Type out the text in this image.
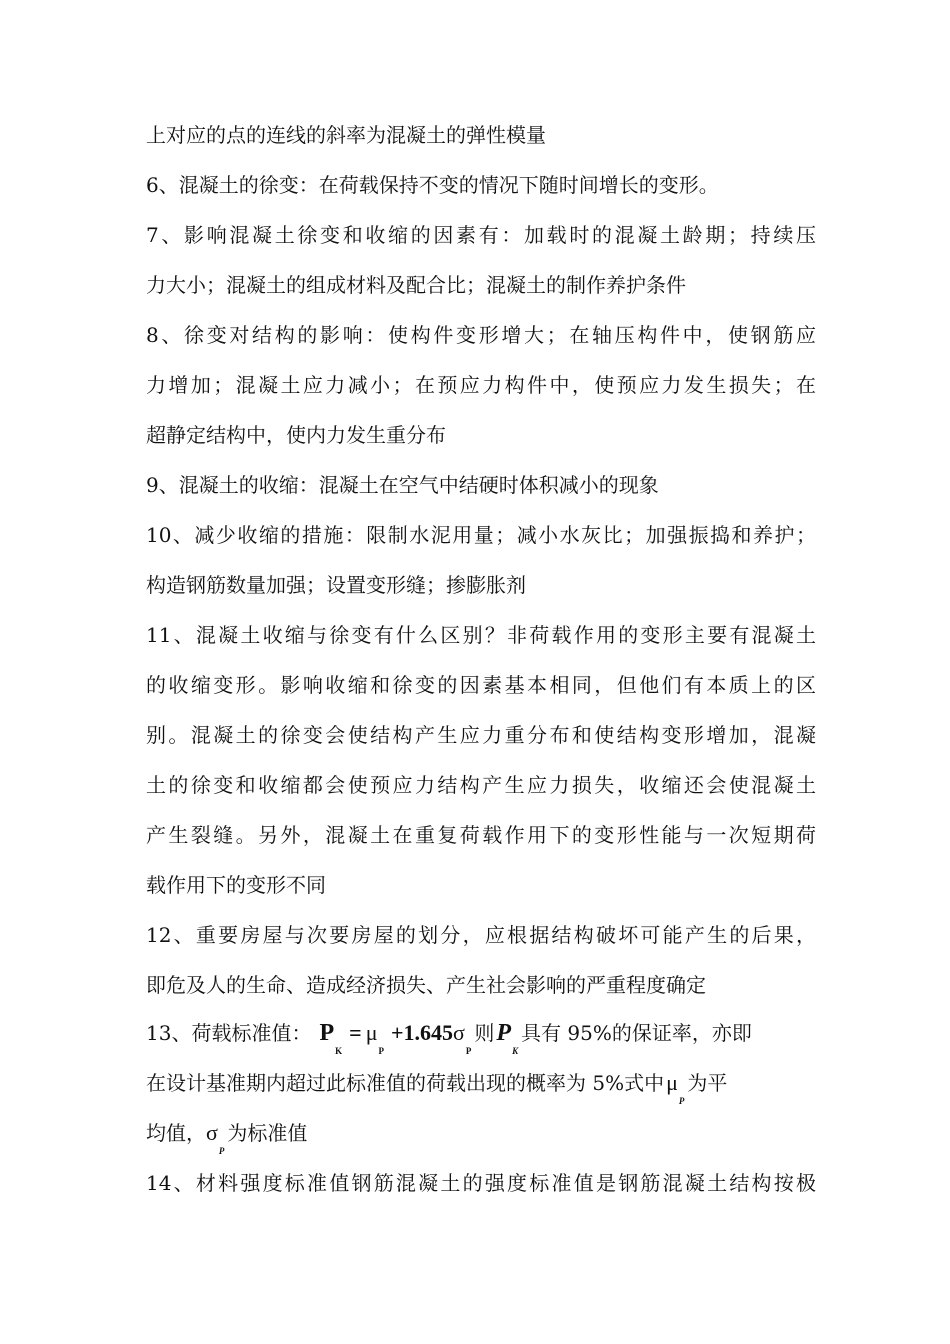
上对应的点的连线的斜率为混凝土的弹性模量
6、混凝土的徐变：在荷载保持不变的情况下随时间增长的变形。
7、影响混凝土徐变和收缩的因素有：加载时的混凝土龄期；持续压
力大小；混凝土的组成材料及配合比；混凝土的制作养护条件
8、徐变对结构的影响：使构件变形增大；在轴压构件中，使钢筋应
力增加；混凝土应力减小；在预应力构件中，使预应力发生损失；在
超静定结构中，使内力发生重分布
9、混凝土的收缩：混凝土在空气中结硬时体积减小的现象
10、减少收缩的措施：限制水泥用量；减小水灰比；加强振捣和养护；
构造钢筋数量加强；设置变形缝；掺膨胀剂
11、混凝土收缩与徐变有什么区别？非荷载作用的变形主要有混凝土
的收缩变形。影响收缩和徐变的因素基本相同，但他们有本质上的区
别。混凝土的徐变会使结构产生应力重分布和使结构变形增加，混凝
土的徐变和收缩都会使预应力结构产生应力损失，收缩还会使混凝土
产生裂缝。另外，混凝土在重复荷载作用下的变形性能与一次短期荷
载作用下的变形不同
12、重要房屋与次要房屋的划分，应根据结构破坏可能产生的后果，
即危及人的生命、造成经济损失、产生社会影响的严重程度确定
13、荷载标准值： $P_K= \mu_P+1.645\sigma_P$则$P_K$具有 95%的保证率，亦即
在设计基准期内超过此标准值的荷载出现的概率为 5%式中$\mu_P$为平
均值，$\sigma_P$为标准值
14、材料强度标准值钢筋混凝土的强度标准值是钢筋混凝土结构按极
